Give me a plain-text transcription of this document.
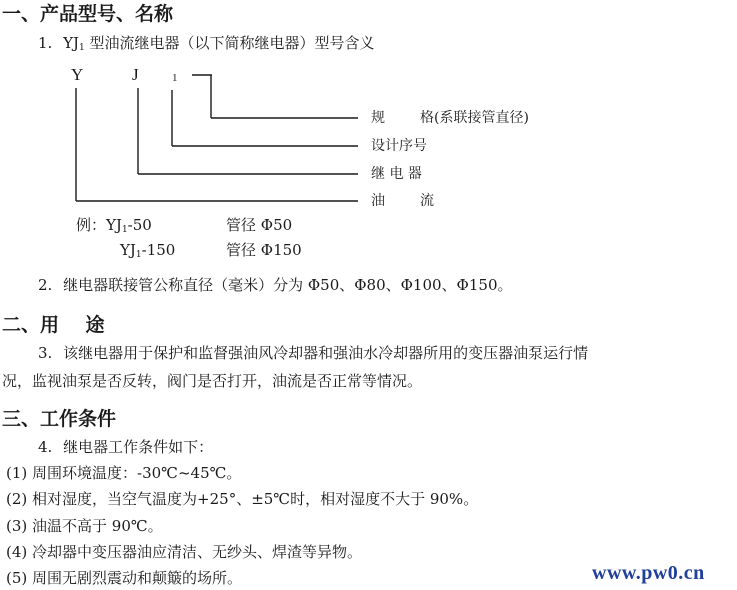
一、产品型号、名称
1. $YJ_1$ 型油流继电器（以下简称继电器）型号含义
Y	J	1
规	格(系联接管直径)
设计序号
继 电 器
油	流
例：$YJ_1-50$	管径 Φ50
$YJ_1-150$	管径 Φ150
2. 继电器联接管公称直径（毫米）分为 Φ50、Φ80、Φ100、Φ150。
二、用    途
3. 该继电器用于保护和监督强油风冷却器和强油水冷却器所用的变压器油泵运行情
况，监视油泵是否反转，阀门是否打开，油流是否正常等情况。
三、工作条件
4. 继电器工作条件如下：
(1) 周围环境温度：-30℃~45℃。
(2) 相对湿度，当空气温度为+25°、±5℃时，相对湿度不大于 90%。
(3) 油温不高于 90℃。
(4) 冷却器中变压器油应清洁、无纱头、焊渣等异物。
(5) 周围无剧烈震动和颠簸的场所。	www.pw0.cn
